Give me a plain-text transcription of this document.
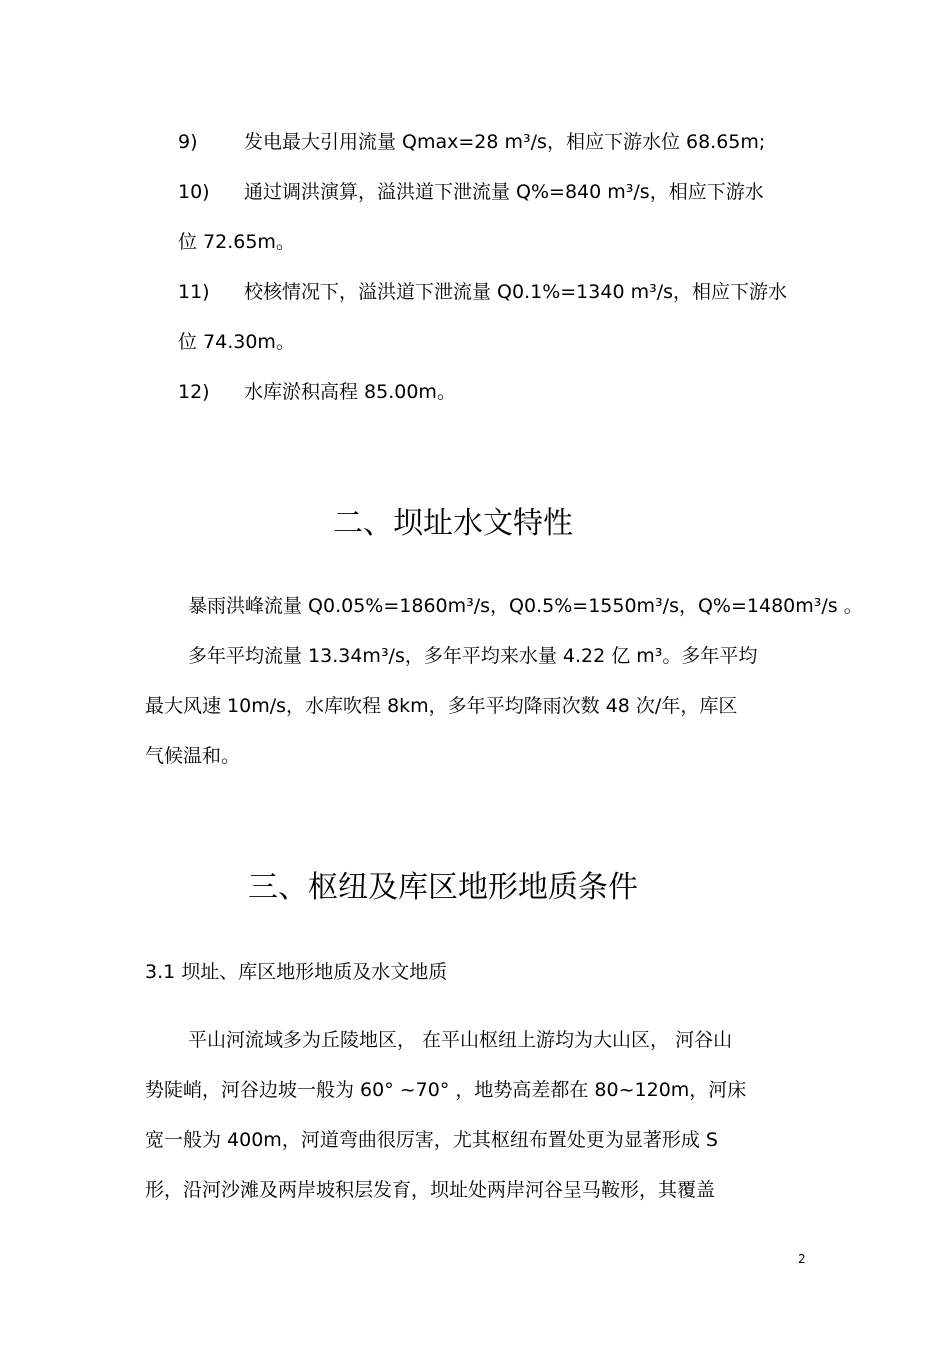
9) 发电最大引用流量 Qmax=28 m³/s，相应下游水位 68.65m;
10) 通过调洪演算，溢洪道下泄流量 Q%=840 m³/s，相应下游水
位 72.65m。
11) 校核情况下，溢洪道下泄流量 Q0.1%=1340 m³/s，相应下游水
位 74.30m。
12) 水库淤积高程 85.00m。
二、坝址水文特性
暴雨洪峰流量 Q0.05%=1860m³/s，Q0.5%=1550m³/s，Q%=1480m³/s 。
多年平均流量 13.34m³/s，多年平均来水量 4.22 亿 m³。多年平均
最大风速 10m/s，水库吹程 8km，多年平均降雨次数 48 次/年，库区
气候温和。
三、枢纽及库区地形地质条件
3.1 坝址、库区地形地质及水文地质
平山河流域多为丘陵地区， 在平山枢纽上游均为大山区， 河谷山
势陡峭，河谷边坡一般为 60° ~70° ，地势高差都在 80~120m，河床
宽一般为 400m，河道弯曲很厉害，尤其枢纽布置处更为显著形成 S
形，沿河沙滩及两岸坡积层发育，坝址处两岸河谷呈马鞍形，其覆盖
2
